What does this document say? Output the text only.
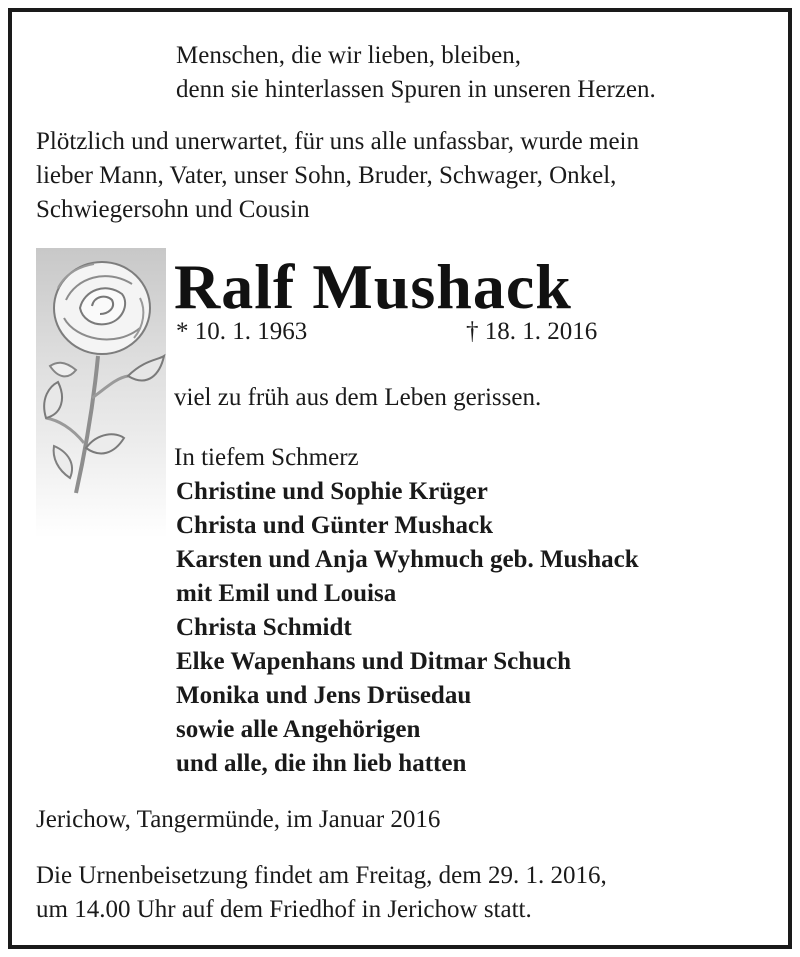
Menschen, die wir lieben, bleiben,
denn sie hinterlassen Spuren in unseren Herzen.
Plötzlich und unerwartet, für uns alle unfassbar, wurde mein
lieber Mann, Vater, unser Sohn, Bruder, Schwager, Onkel,
Schwiegersohn und Cousin
Ralf Mushack
* 10. 1. 1963	† 18. 1. 2016
viel zu früh aus dem Leben gerissen.
In tiefem Schmerz
Christine und Sophie Krüger
Christa und Günter Mushack
Karsten und Anja Wyhmuch geb. Mushack
mit Emil und Louisa
Christa Schmidt
Elke Wapenhans und Ditmar Schuch
Monika und Jens Drüsedau
sowie alle Angehörigen
und alle, die ihn lieb hatten
Jerichow, Tangermünde, im Januar 2016
Die Urnenbeisetzung findet am Freitag, dem 29. 1. 2016,
um 14.00 Uhr auf dem Friedhof in Jerichow statt.
